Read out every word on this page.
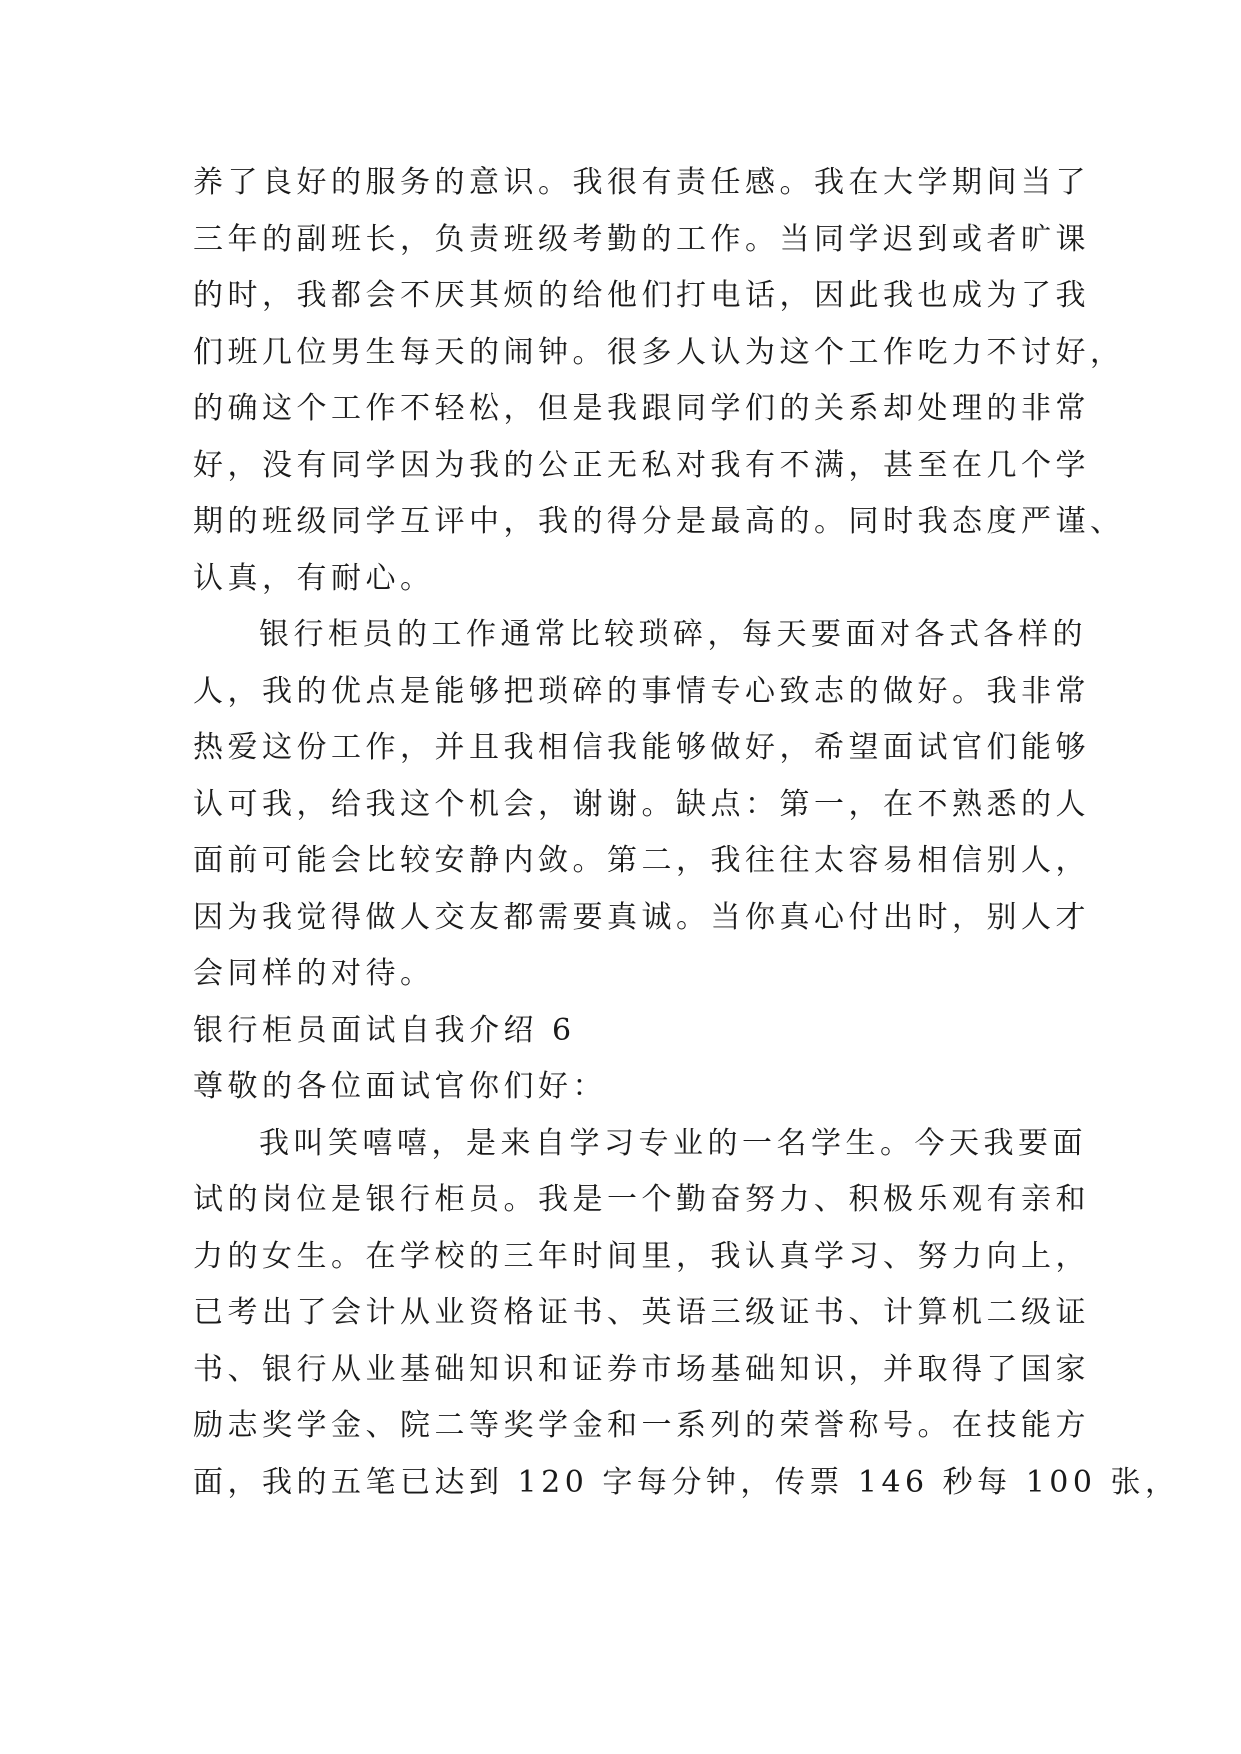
养了良好的服务的意识。我很有责任感。我在大学期间当了
三年的副班长，负责班级考勤的工作。当同学迟到或者旷课
的时，我都会不厌其烦的给他们打电话，因此我也成为了我
们班几位男生每天的闹钟。很多人认为这个工作吃力不讨好，
的确这个工作不轻松，但是我跟同学们的关系却处理的非常
好，没有同学因为我的公正无私对我有不满，甚至在几个学
期的班级同学互评中，我的得分是最高的。同时我态度严谨、
认真，有耐心。
银行柜员的工作通常比较琐碎，每天要面对各式各样的
人，我的优点是能够把琐碎的事情专心致志的做好。我非常
热爱这份工作，并且我相信我能够做好，希望面试官们能够
认可我，给我这个机会，谢谢。缺点：第一，在不熟悉的人
面前可能会比较安静内敛。第二，我往往太容易相信别人，
因为我觉得做人交友都需要真诚。当你真心付出时，别人才
会同样的对待。
银行柜员面试自我介绍 6
尊敬的各位面试官你们好：
我叫笑嘻嘻，是来自学习专业的一名学生。今天我要面
试的岗位是银行柜员。我是一个勤奋努力、积极乐观有亲和
力的女生。在学校的三年时间里，我认真学习、努力向上，
已考出了会计从业资格证书、英语三级证书、计算机二级证
书、银行从业基础知识和证券市场基础知识，并取得了国家
励志奖学金、院二等奖学金和一系列的荣誉称号。在技能方
面，我的五笔已达到 120 字每分钟，传票 146 秒每 100 张，
